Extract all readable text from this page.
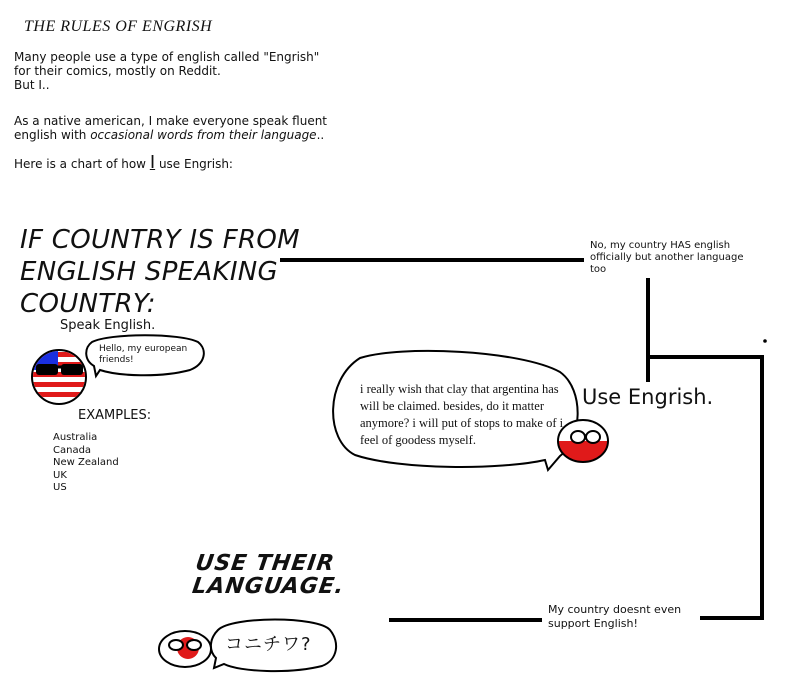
THE RULES OF ENGRISH
Many people use a type of english called "Engrish"
for their comics, mostly on Reddit.
But I..
As a native american, I make everyone speak fluent
english with occasional words from their language..
Here is a chart of how I use Engrish:
IF COUNTRY IS FROM
ENGLISH SPEAKING
COUNTRY:
Speak English.
Hello, my european friends!
EXAMPLES:
Australia
Canada
New Zealand
UK
US
No, my country HAS english officially but another language too
Use Engrish.
i really wish that clay that argentina has will be claimed. besides, do it matter anymore? i will put of stops to make of i feel of goodess myself.
My country doesnt even support English!
USE THEIR
LANGUAGE.
コニチワ?
